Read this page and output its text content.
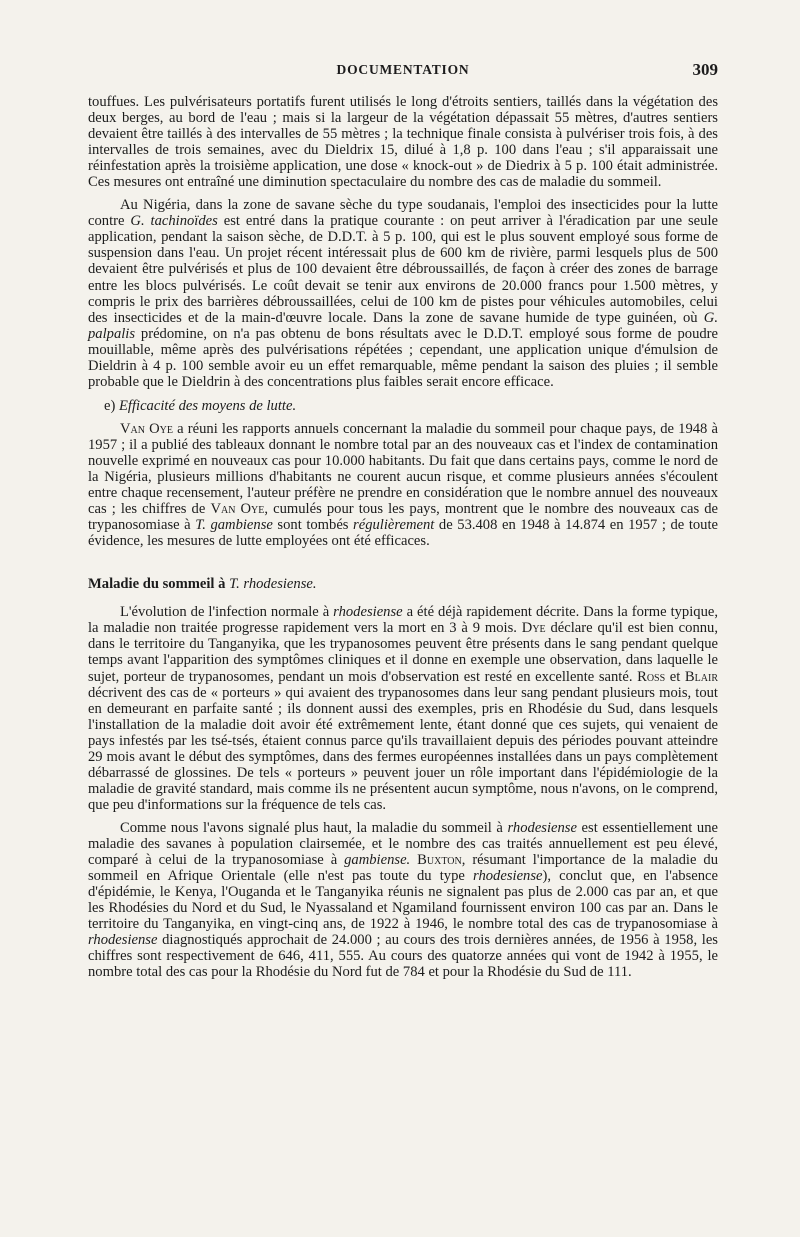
DOCUMENTATION	309

touffues. Les pulvérisateurs portatifs furent utilisés le long d'étroits sentiers, taillés dans la végétation des deux berges, au bord de l'eau ; mais si la largeur de la végétation dépassait 55 mètres, d'autres sentiers devaient être taillés à des intervalles de 55 mètres ; la technique finale consista à pulvériser trois fois, à des intervalles de trois semaines, avec du Dieldrix 15, dilué à 1,8 p. 100 dans l'eau ; s'il apparaissait une réinfestation après la troisième application, une dose « knock-out » de Diedrix à 5 p. 100 était administrée. Ces mesures ont entraîné une diminution spectaculaire du nombre des cas de maladie du sommeil.

Au Nigéria, dans la zone de savane sèche du type soudanais, l'emploi des insecticides pour la lutte contre G. tachinoïdes est entré dans la pratique courante : on peut arriver à l'éradication par une seule application, pendant la saison sèche, de D.D.T. à 5 p. 100, qui est le plus souvent employé sous forme de suspension dans l'eau. Un projet récent intéressait plus de 600 km de rivière, parmi lesquels plus de 500 devaient être pulvérisés et plus de 100 devaient être débroussaillés, de façon à créer des zones de barrage entre les blocs pulvérisés. Le coût devait se tenir aux environs de 20.000 francs pour 1.500 mètres, y compris le prix des barrières débroussaillées, celui de 100 km de pistes pour véhicules automobiles, celui des insecticides et de la main-d'œuvre locale. Dans la zone de savane humide de type guinéen, où G. palpalis prédomine, on n'a pas obtenu de bons résultats avec le D.D.T. employé sous forme de poudre mouillable, même après des pulvérisations répétées ; cependant, une application unique d'émulsion de Dieldrin à 4 p. 100 semble avoir eu un effet remarquable, même pendant la saison des pluies ; il semble probable que le Dieldrin à des concentrations plus faibles serait encore efficace.

e) Efficacité des moyens de lutte.

Van Oye a réuni les rapports annuels concernant la maladie du sommeil pour chaque pays, de 1948 à 1957 ; il a publié des tableaux donnant le nombre total par an des nouveaux cas et l'index de contamination nouvelle exprimé en nouveaux cas pour 10.000 habitants. Du fait que dans certains pays, comme le nord de la Nigéria, plusieurs millions d'habitants ne courent aucun risque, et comme plusieurs années s'écoulent entre chaque recensement, l'auteur préfère ne prendre en considération que le nombre annuel des nouveaux cas ; les chiffres de Van Oye, cumulés pour tous les pays, montrent que le nombre des nouveaux cas de trypanosomiase à T. gambiense sont tombés régulièrement de 53.408 en 1948 à 14.874 en 1957 ; de toute évidence, les mesures de lutte employées ont été efficaces.

Maladie du sommeil à T. rhodesiense.

L'évolution de l'infection normale à rhodesiense a été déjà rapidement décrite. Dans la forme typique, la maladie non traitée progresse rapidement vers la mort en 3 à 9 mois. Dye déclare qu'il est bien connu, dans le territoire du Tanganyika, que les trypanosomes peuvent être présents dans le sang pendant quelque temps avant l'apparition des symptômes cliniques et il donne en exemple une observation, dans laquelle le sujet, porteur de trypanosomes, pendant un mois d'observation est resté en excellente santé. Ross et Blair décrivent des cas de « porteurs » qui avaient des trypanosomes dans leur sang pendant plusieurs mois, tout en demeurant en parfaite santé ; ils donnent aussi des exemples, pris en Rhodésie du Sud, dans lesquels l'installation de la maladie doit avoir été extrêmement lente, étant donné que ces sujets, qui venaient de pays infestés par les tsé-tsés, étaient connus parce qu'ils travaillaient depuis des périodes pouvant atteindre 29 mois avant le début des symptômes, dans des fermes européennes installées dans un pays complètement débarrassé de glossines. De tels « porteurs » peuvent jouer un rôle important dans l'épidémiologie de la maladie de gravité standard, mais comme ils ne présentent aucun symptôme, nous n'avons, on le comprend, que peu d'informations sur la fréquence de tels cas.

Comme nous l'avons signalé plus haut, la maladie du sommeil à rhodesiense est essentiellement une maladie des savanes à population clairsemée, et le nombre des cas traités annuellement est peu élevé, comparé à celui de la trypanosomiase à gambiense. Buxton, résumant l'importance de la maladie du sommeil en Afrique Orientale (elle n'est pas toute du type rhodesiense), conclut que, en l'absence d'épidémie, le Kenya, l'Ouganda et le Tanganyika réunis ne signalent pas plus de 2.000 cas par an, et que les Rhodésies du Nord et du Sud, le Nyassaland et Ngamiland fournissent environ 100 cas par an. Dans le territoire du Tanganyika, en vingt-cinq ans, de 1922 à 1946, le nombre total des cas de trypanosomiase à rhodesiense diagnostiqués approchait de 24.000 ; au cours des trois dernières années, de 1956 à 1958, les chiffres sont respectivement de 646, 411, 555. Au cours des quatorze années qui vont de 1942 à 1955, le nombre total des cas pour la Rhodésie du Nord fut de 784 et pour la Rhodésie du Sud de 111.
